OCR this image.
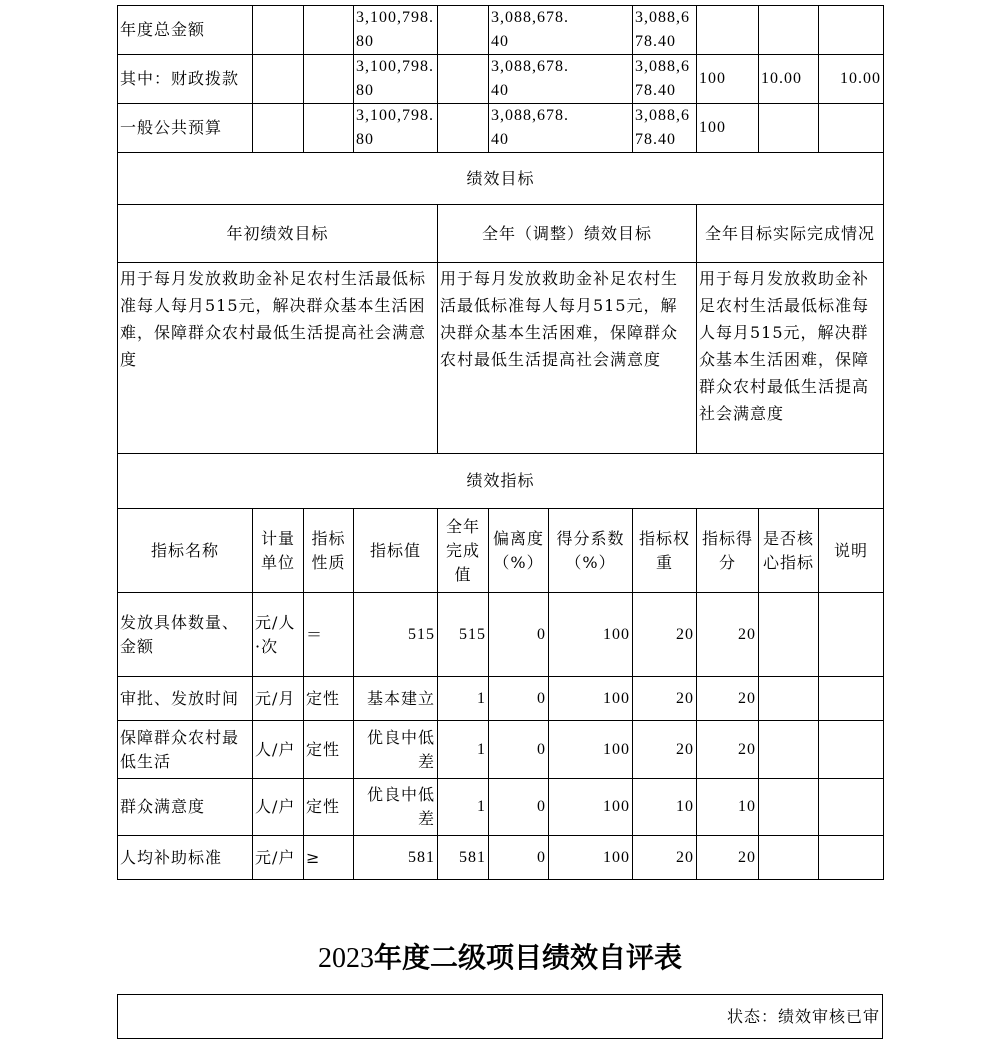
年度总金额			3,100,798.80		3,088,678.40		3,088,678.40			
其中：财政拨款			3,100,798.80		3,088,678.40		3,088,678.40	100	10.00	10.00
一般公共预算			3,100,798.80		3,088,678.40		3,088,678.40	100		
绩效目标										
年初绩效目标				全年（调整）绩效目标				全年目标实际完成情况		
用于每月发放救助金补足农村生活最低标准每人每月515元，解决群众基本生活困难，保障群众农村最低生活提高社会满意度				用于每月发放救助金补足农村生活最低标准每人每月515元，解决群众基本生活困难，保障群众农村最低生活提高社会满意度				用于每月发放救助金补足农村生活最低标准每人每月515元，解决群众基本生活困难，保障群众农村最低生活提高社会满意度		
绩效指标										
指标名称	计量单位	指标性质	指标值	全年完成值	偏离度（%）	得分系数（%）	指标权重	指标得分	是否核心指标	说明
发放具体数量、金额	元/人·次	＝	515	515	0	100	20	20		
审批、发放时间	元/月	定性	基本建立	1	0	100	20	20		
保障群众农村最低生活	人/户	定性	优良中低差	1	0	100	20	20		
群众满意度	人/户	定性	优良中低差	1	0	100	10	10		
人均补助标准	元/户	≥	581	581	0	100	20	20		
2023年度二级项目绩效自评表
状态：绩效审核已审
